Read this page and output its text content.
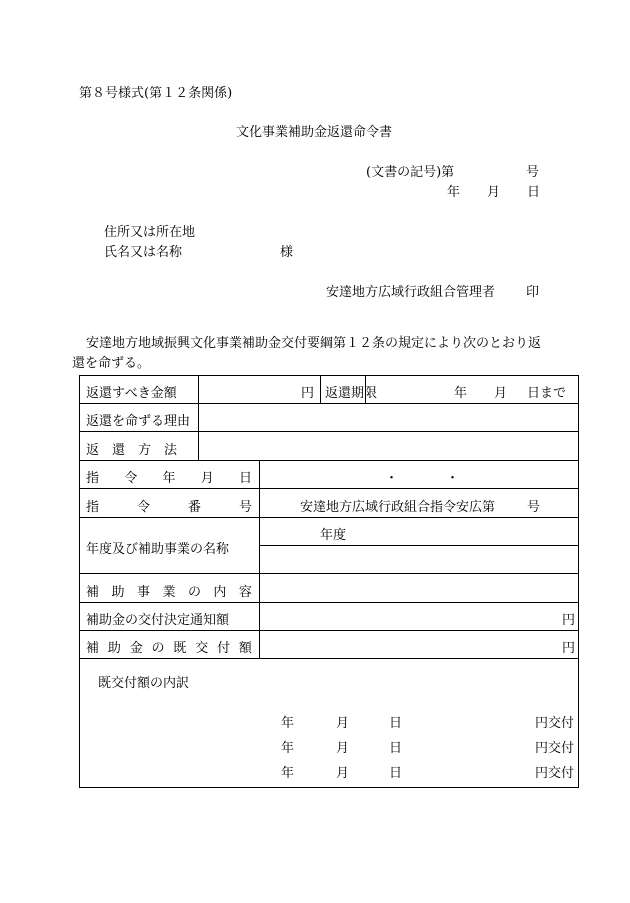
第８号様式(第１２条関係)
文化事業補助金返還命令書
(文書の記号)第	号
年 月 日
住所又は所在地
氏名又は名称	様
安達地方広域行政組合管理者 印
安達地方地域振興文化事業補助金交付要綱第１２条の規定により次のとおり返
還を命ずる。
返還すべき金額	円 返還期限	年 月 日まで
返還を命ずる理由
返　還　方　法
指 令 年 月 日	・	・
指	令	番	号	安達地方広域行政組合指令安広第 号
年度及び補助事業の名称
年度
補 助 事 業 の 内 容
補助金の交付決定通知額	円
補 助 金 の 既 交 付 額	円
既交付額の内訳
年	月	日	円交付
年	月	日	円交付
年	月	日	円交付
